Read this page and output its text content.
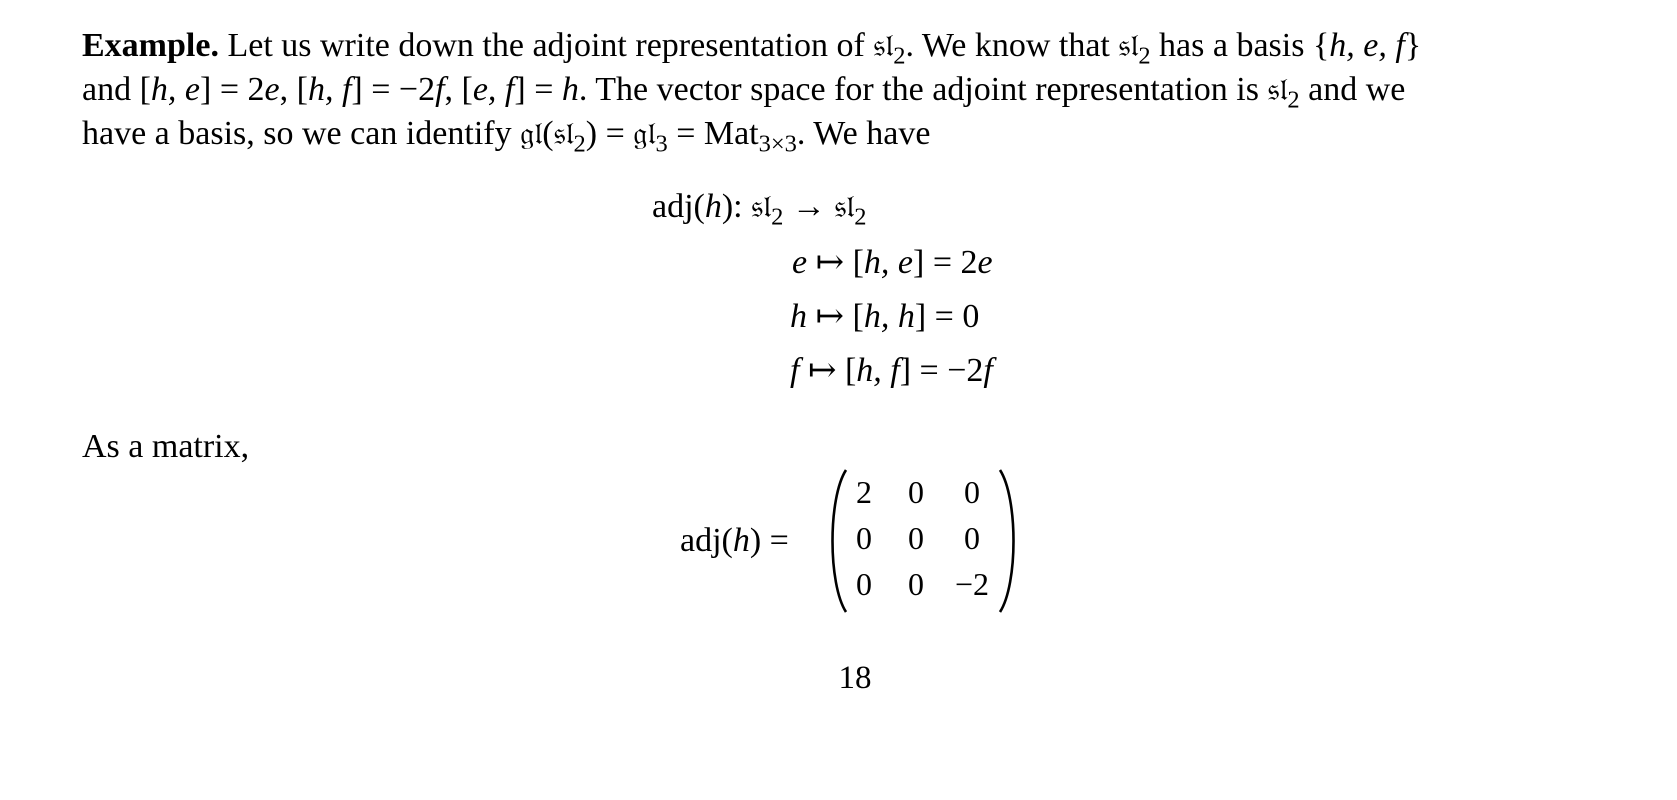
Example. Let us write down the adjoint representation of 𝔰𝔩$_2$. We know that 𝔰𝔩$_2$ has a basis {h, e, f}
and [h, e] = 2e, [h, f] = −2f, [e, f] = h. The vector space for the adjoint representation is 𝔰𝔩$_2$ and we
have a basis, so we can identify 𝔤𝔩(𝔰𝔩$_2$) = 𝔤𝔩$_3$ = Mat$_{3\times 3}$. We have
adj(h): 𝔰𝔩$_2$ → 𝔰𝔩$_2$
e ↦ [h, e] = 2e
h ↦ [h, h] = 0
f ↦ [h, f] = −2f
As a matrix,
adj(h) =
2	0	0
0	0	0
0	0 −2
18
